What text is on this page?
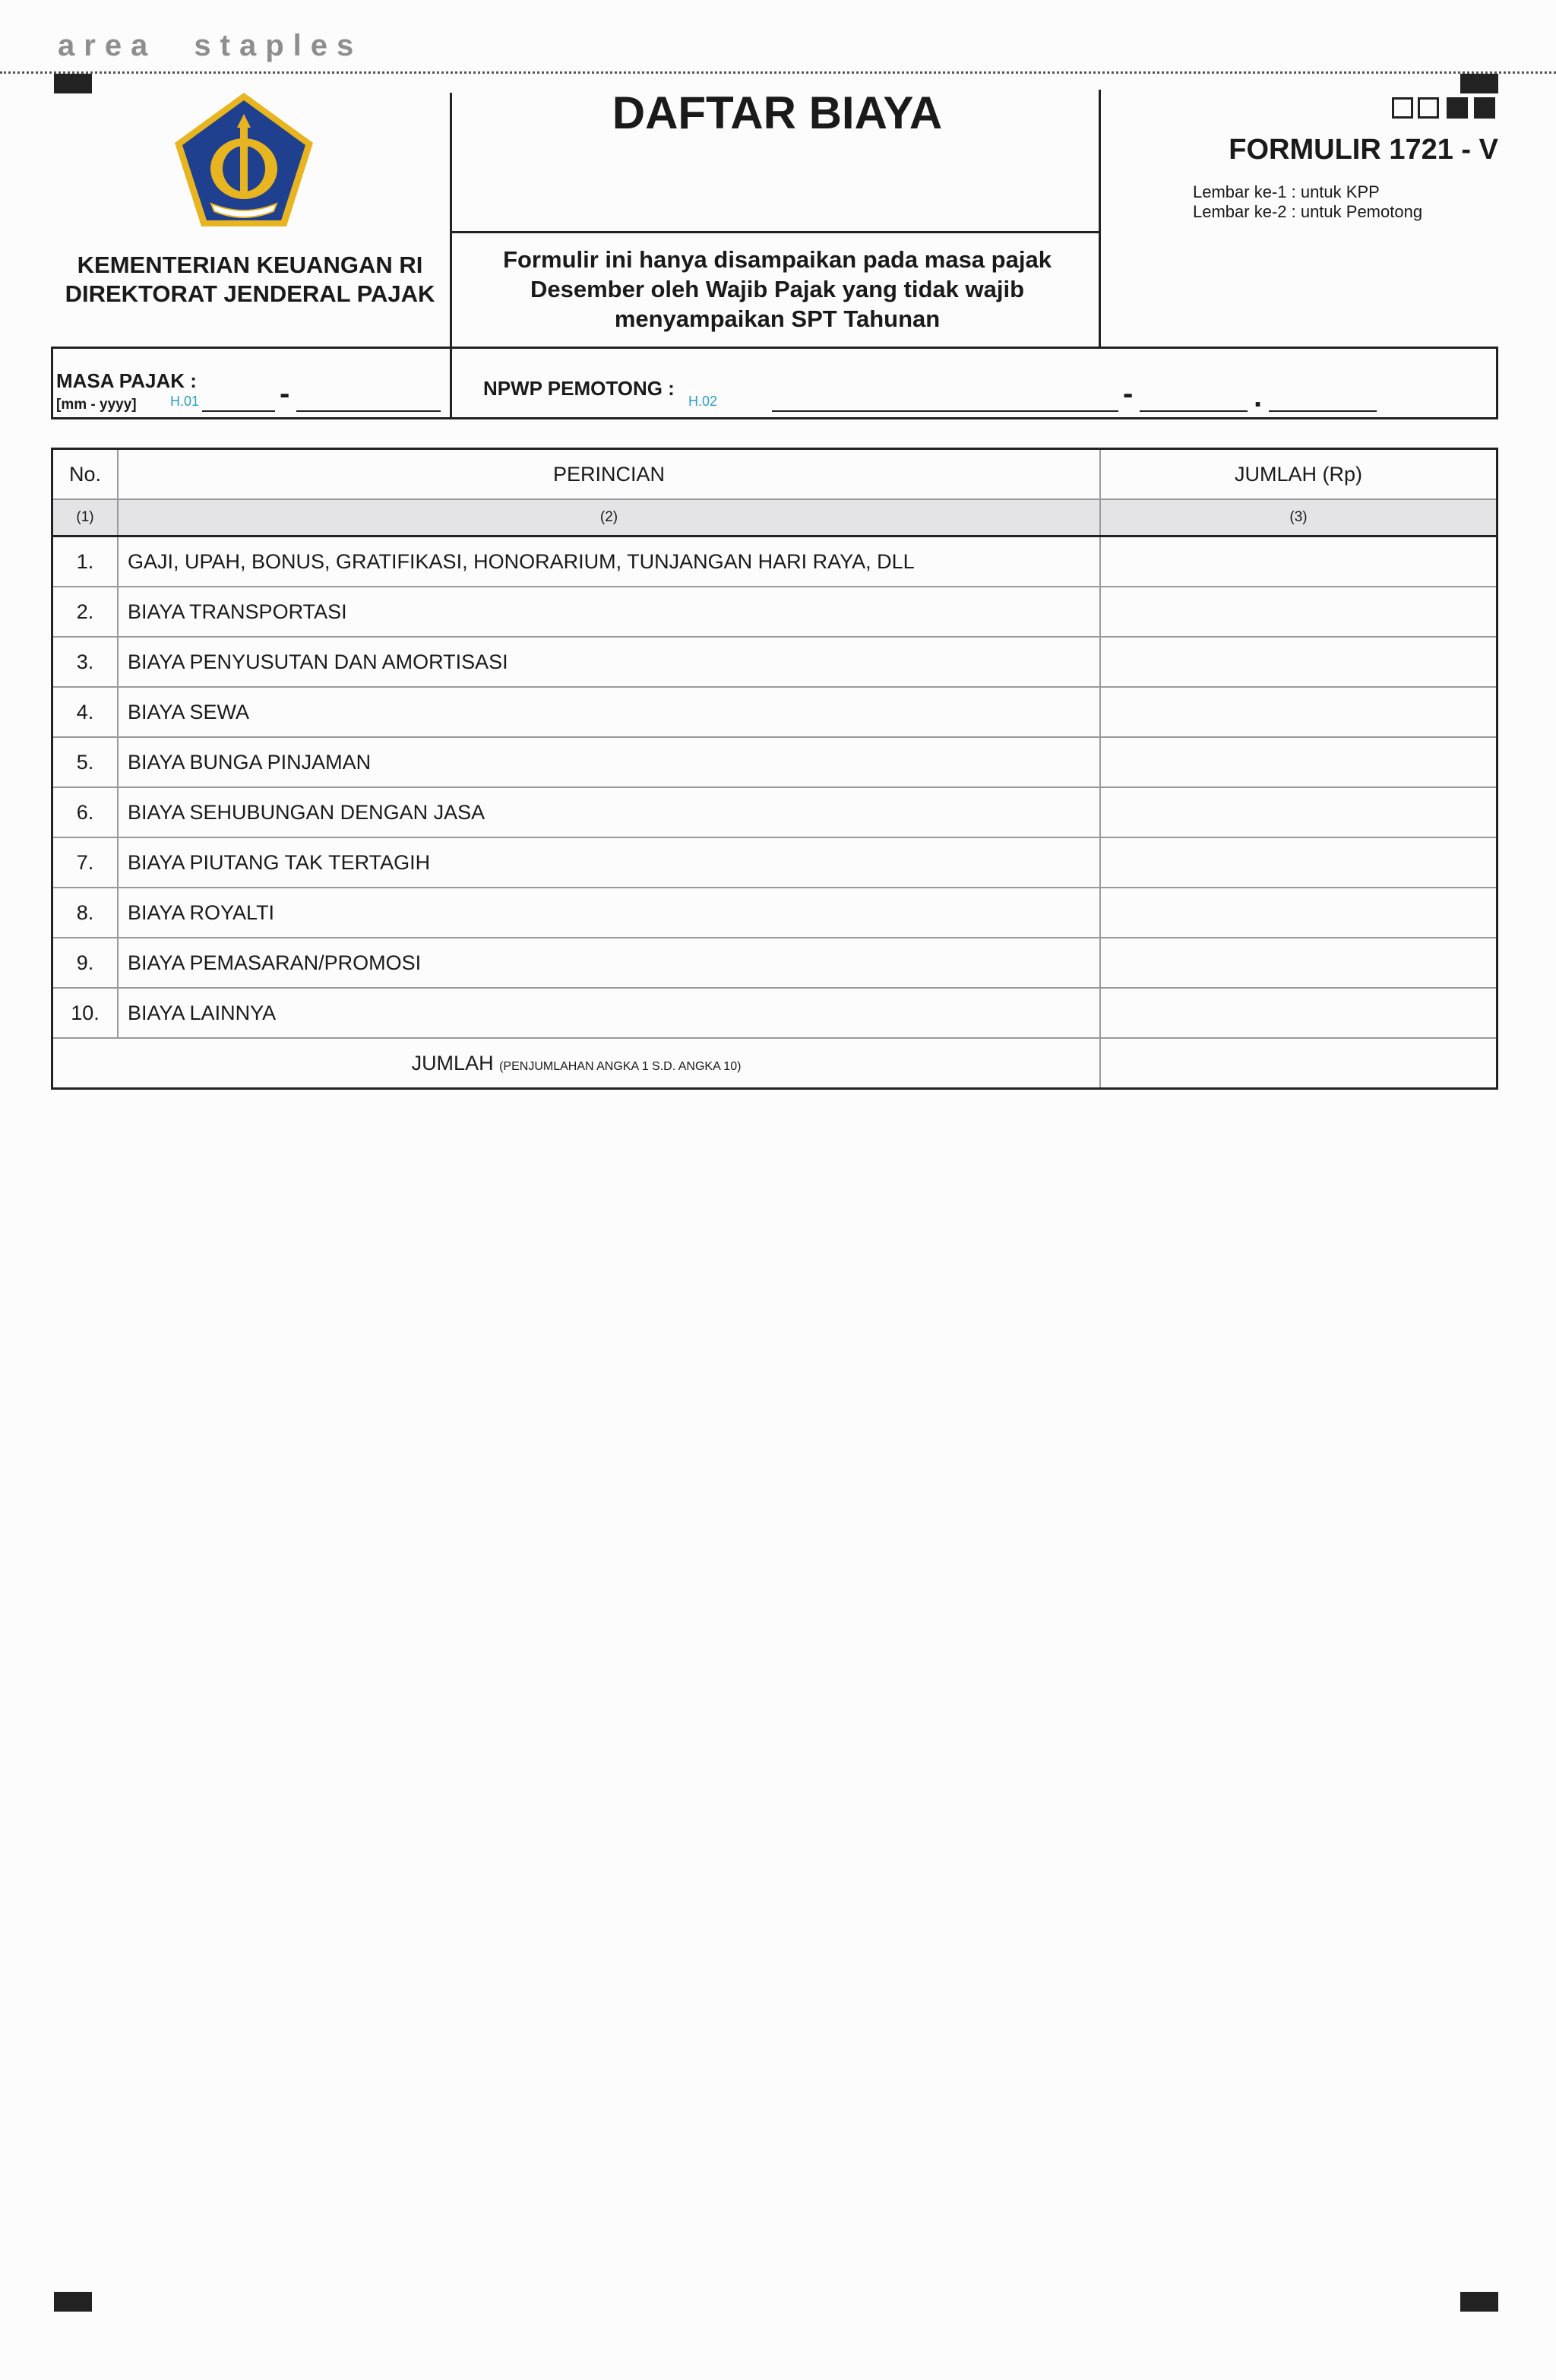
area staples
KEMENTERIAN KEUANGAN RI
DIREKTORAT JENDERAL PAJAK
DAFTAR BIAYA
Formulir ini hanya disampaikan pada masa pajak
Desember oleh Wajib Pajak yang tidak wajib
menyampaikan SPT Tahunan
FORMULIR 1721 - V
Lembar ke-1 : untuk KPP
Lembar ke-2 : untuk Pemotong
MASA PAJAK :
[mm - yyyy] H.01	-	NPWP PEMOTONG :
H.02	-	.
No.	PERINCIAN	JUMLAH (Rp)
(1)	(2)	(3)
1.	GAJI, UPAH, BONUS, GRATIFIKASI, HONORARIUM, TUNJANGAN HARI RAYA, DLL	
2.	BIAYA TRANSPORTASI	
3.	BIAYA PENYUSUTAN DAN AMORTISASI	
4.	BIAYA SEWA	
5.	BIAYA BUNGA PINJAMAN	
6.	BIAYA SEHUBUNGAN DENGAN JASA	
7.	BIAYA PIUTANG TAK TERTAGIH	
8.	BIAYA ROYALTI	
9.	BIAYA PEMASARAN/PROMOSI	
10.	BIAYA LAINNYA	
JUMLAH (PENJUMLAHAN ANGKA 1 S.D. ANGKA 10)		
